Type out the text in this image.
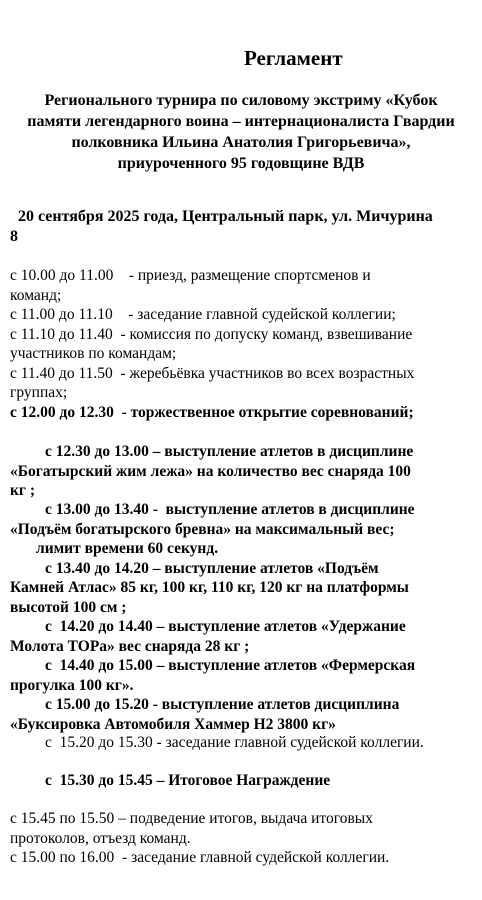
Регламент
Регионального турнира по силовому экстриму «Кубок
памяти легендарного воина – интернационалиста Гвардии
полковника Ильина Анатолия Григорьевича»,
приуроченного 95 годовщине ВДВ
20 сентября 2025 года, Центральный парк, ул. Мичурина
8
с 10.00 до 11.00    - приезд, размещение спортсменов и
команд;
с 11.00 до 11.10    - заседание главной судейской коллегии;
с 11.10 до 11.40  - комиссия по допуску команд, взвешивание
участников по командам;
с 11.40 до 11.50  - жеребьёвка участников во всех возрастных
группах;
с 12.00 до 12.30  - торжественное открытие соревнований;
с 12.30 до 13.00 – выступление атлетов в дисциплине
«Богатырский жим лежа» на количество вес снаряда 100
кг ;
с 13.00 до 13.40 -  выступление атлетов в дисциплине
«Подъём богатырского бревна» на максимальный вес;
лимит времени 60 секунд.
с 13.40 до 14.20 – выступление атлетов «Подъём
Камней Атлас» 85 кг, 100 кг, 110 кг, 120 кг на платформы
высотой 100 см ;
с  14.20 до 14.40 – выступление атлетов «Удержание
Молота ТОРа» вес снаряда 28 кг ;
с  14.40 до 15.00 – выступление атлетов «Фермерская
прогулка 100 кг».
с 15.00 до 15.20 - выступление атлетов дисциплина
«Буксировка Автомобиля Хаммер Н2 3800 кг»
с  15.20 до 15.30 - заседание главной судейской коллегии.
с  15.30 до 15.45 – Итоговое Награждение
с 15.45 по 15.50 – подведение итогов, выдача итоговых
протоколов, отъезд команд.
с 15.00 по 16.00  - заседание главной судейской коллегии.
